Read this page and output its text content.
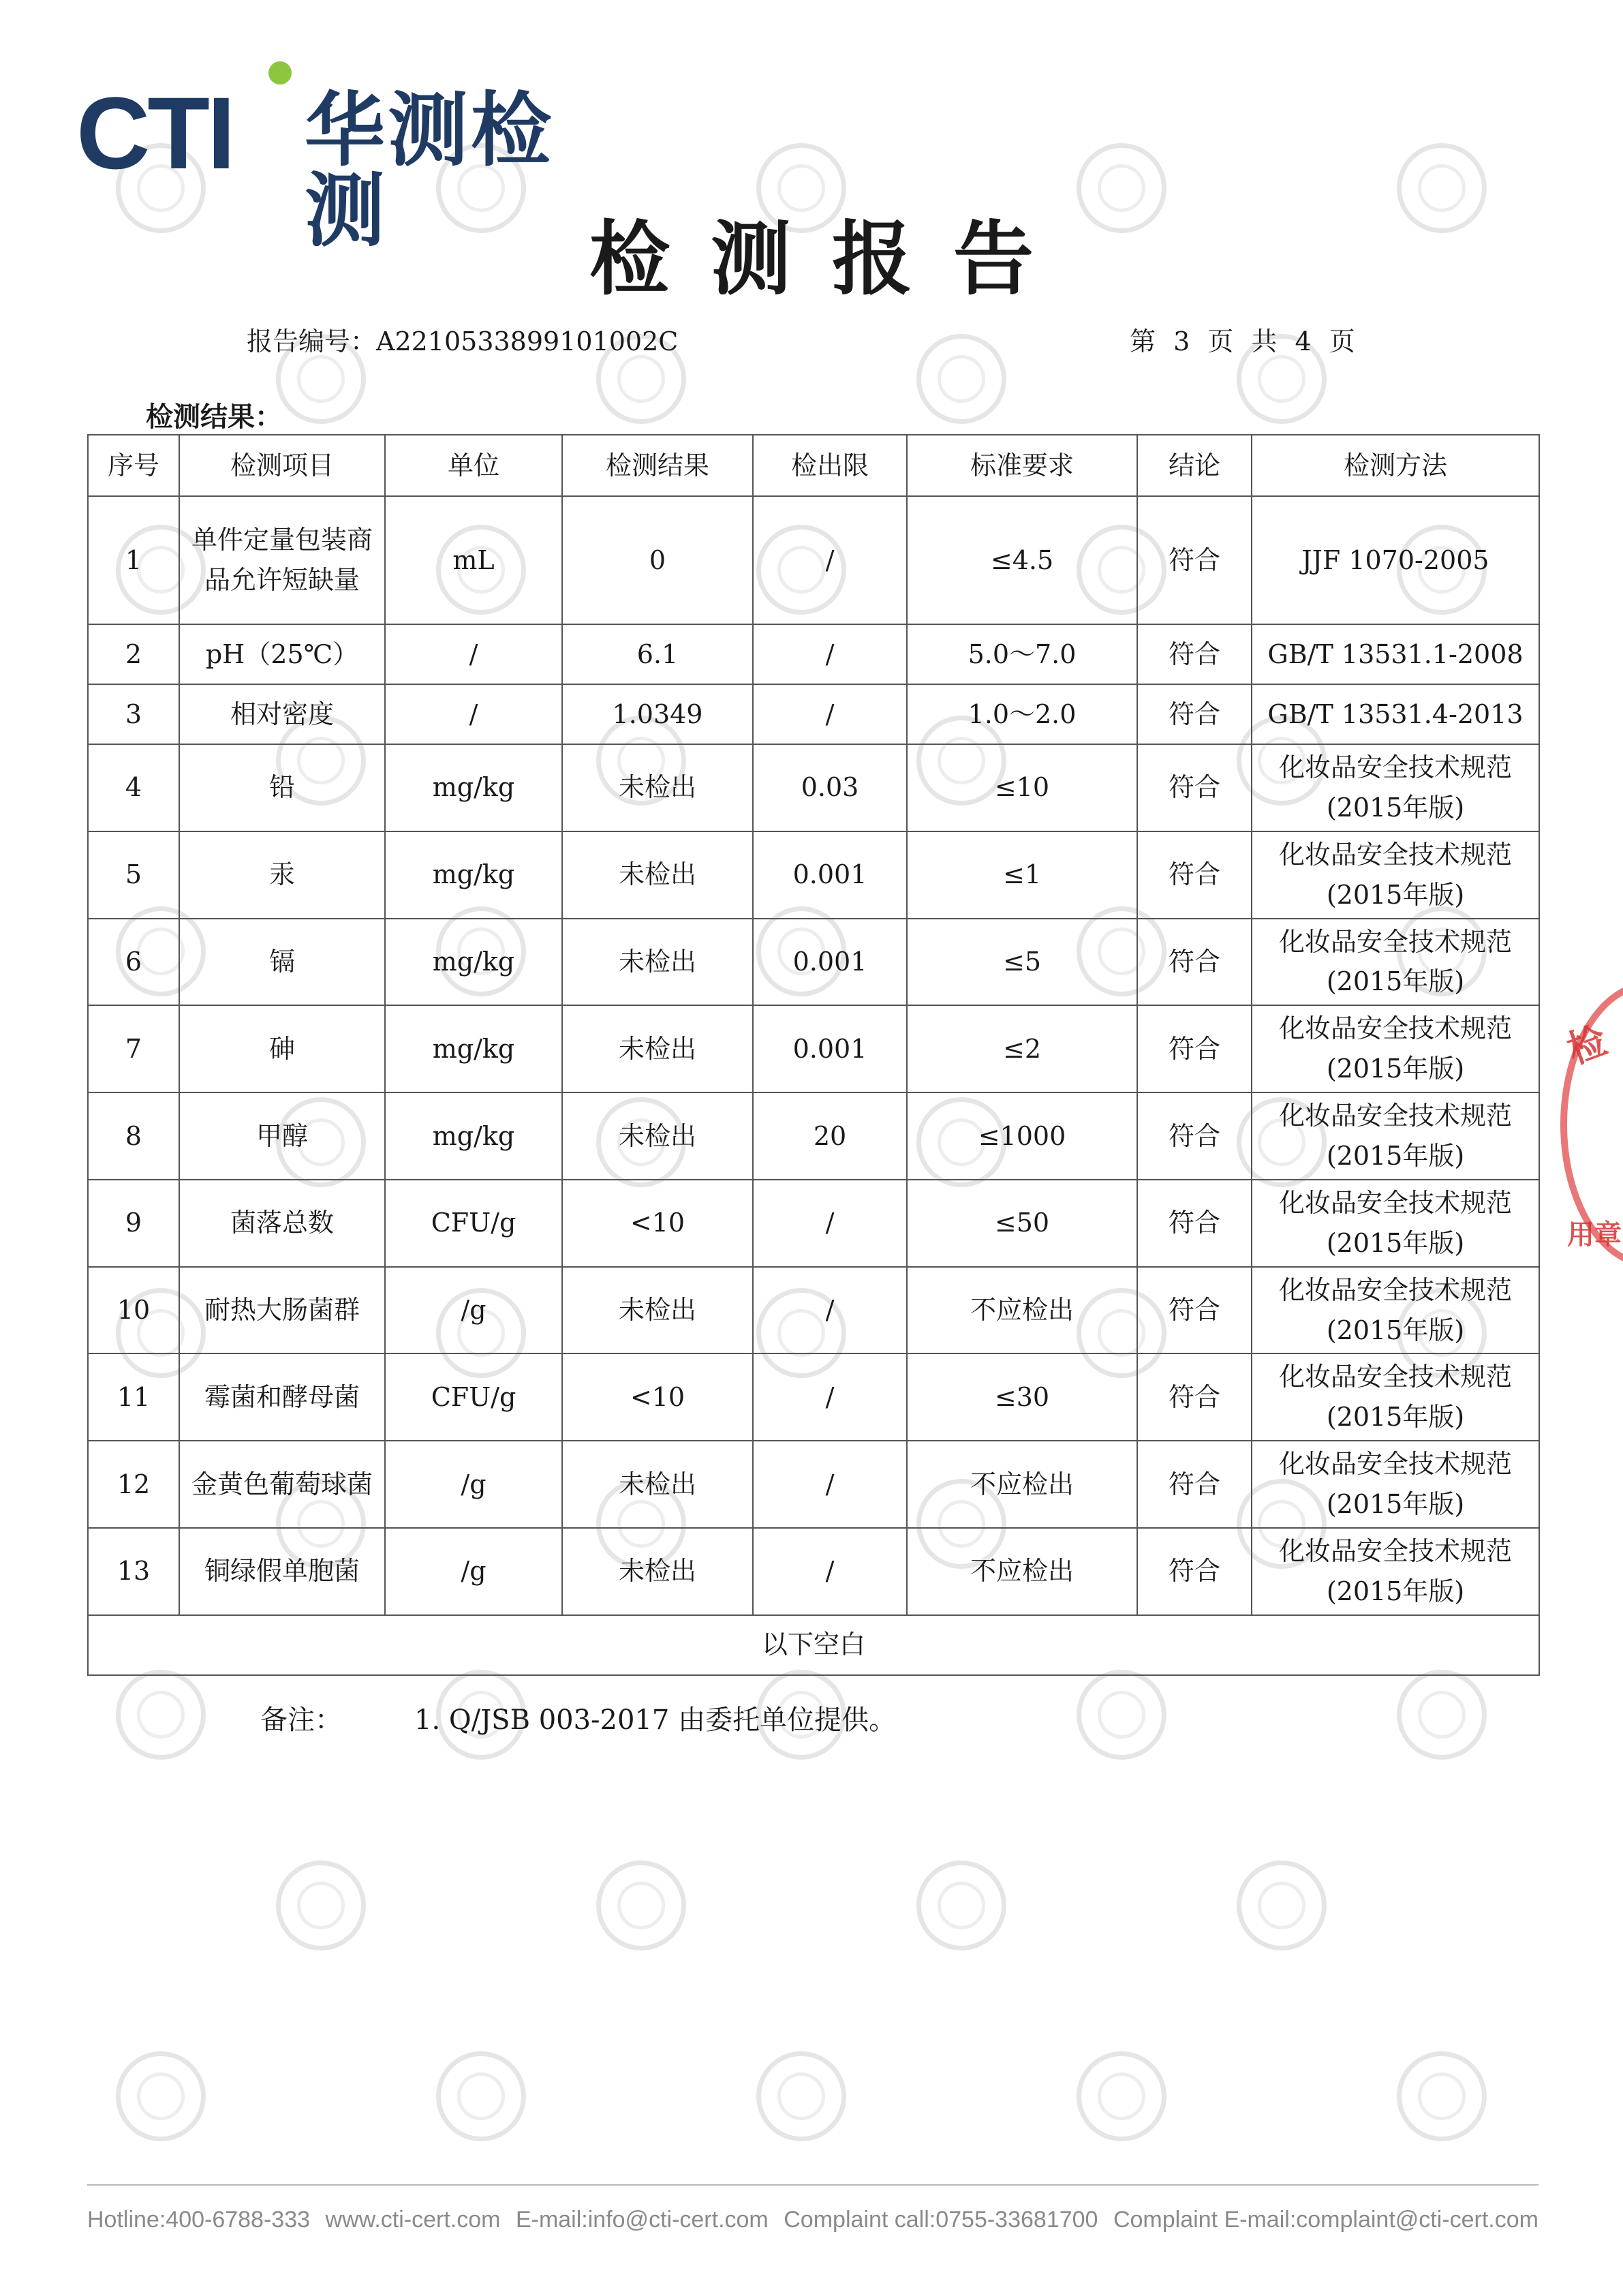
CTI 华测检测
检测报告
报告编号：A2210533899101002C	第 3 页 共 4 页
检测结果：
序号	检测项目	单位	检测结果	检出限	标准要求	结论	检测方法
1	单件定量包装商品允许短缺量	mL	0	/	≤4.5	符合	JJF 1070-2005
2	pH（25℃）	/	6.1	/	5.0～7.0	符合	GB/T 13531.1-2008
3	相对密度	/	1.0349	/	1.0～2.0	符合	GB/T 13531.4-2013
4	铅	mg/kg	未检出	0.03	≤10	符合	化妆品安全技术规范(2015年版)
5	汞	mg/kg	未检出	0.001	≤1	符合	化妆品安全技术规范(2015年版)
6	镉	mg/kg	未检出	0.001	≤5	符合	化妆品安全技术规范(2015年版)
7	砷	mg/kg	未检出	0.001	≤2	符合	化妆品安全技术规范(2015年版)
8	甲醇	mg/kg	未检出	20	≤1000	符合	化妆品安全技术规范(2015年版)
9	菌落总数	CFU/g	<10	/	≤50	符合	化妆品安全技术规范(2015年版)
10	耐热大肠菌群	/g	未检出	/	不应检出	符合	化妆品安全技术规范(2015年版)
11	霉菌和酵母菌	CFU/g	<10	/	≤30	符合	化妆品安全技术规范(2015年版)
12	金黄色葡萄球菌	/g	未检出	/	不应检出	符合	化妆品安全技术规范(2015年版)
13	铜绿假单胞菌	/g	未检出	/	不应检出	符合	化妆品安全技术规范(2015年版)
以下空白							
备注：	1. Q/JSB 003-2017 由委托单位提供。
Hotline:400-6788-333 www.cti-cert.com E-mail:info@cti-cert.com Complaint call:0755-33681700 Complaint E-mail:complaint@cti-cert.com
检
用章
